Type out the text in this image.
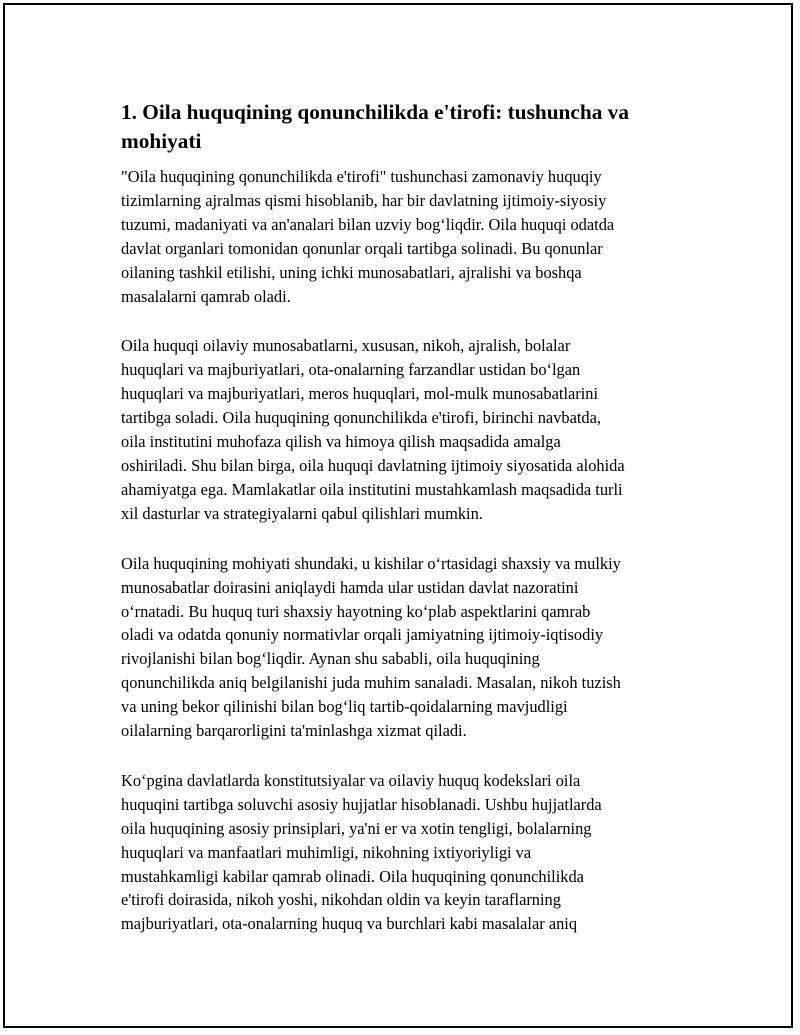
1. Oila huquqining qonunchilikda e'tirofi: tushuncha va
mohiyati

"Oila huquqining qonunchilikda e'tirofi" tushunchasi zamonaviy huquqiy
tizimlarning ajralmas qismi hisoblanib, har bir davlatning ijtimoiy-siyosiy
tuzumi, madaniyati va an'analari bilan uzviy bog‘liqdir. Oila huquqi odatda
davlat organlari tomonidan qonunlar orqali tartibga solinadi. Bu qonunlar
oilaning tashkil etilishi, uning ichki munosabatlari, ajralishi va boshqa
masalalarni qamrab oladi.

Oila huquqi oilaviy munosabatlarni, xususan, nikoh, ajralish, bolalar
huquqlari va majburiyatlari, ota-onalarning farzandlar ustidan bo‘lgan
huquqlari va majburiyatlari, meros huquqlari, mol-mulk munosabatlarini
tartibga soladi. Oila huquqining qonunchilikda e'tirofi, birinchi navbatda,
oila institutini muhofaza qilish va himoya qilish maqsadida amalga
oshiriladi. Shu bilan birga, oila huquqi davlatning ijtimoiy siyosatida alohida
ahamiyatga ega. Mamlakatlar oila institutini mustahkamlash maqsadida turli
xil dasturlar va strategiyalarni qabul qilishlari mumkin.

Oila huquqining mohiyati shundaki, u kishilar o‘rtasidagi shaxsiy va mulkiy
munosabatlar doirasini aniqlaydi hamda ular ustidan davlat nazoratini
o‘rnatadi. Bu huquq turi shaxsiy hayotning ko‘plab aspektlarini qamrab
oladi va odatda qonuniy normativlar orqali jamiyatning ijtimoiy-iqtisodiy
rivojlanishi bilan bog‘liqdir. Aynan shu sababli, oila huquqining
qonunchilikda aniq belgilanishi juda muhim sanaladi. Masalan, nikoh tuzish
va uning bekor qilinishi bilan bog‘liq tartib-qoidalarning mavjudligi
oilalarning barqarorligini ta'minlashga xizmat qiladi.

Ko‘pgina davlatlarda konstitutsiyalar va oilaviy huquq kodekslari oila
huquqini tartibga soluvchi asosiy hujjatlar hisoblanadi. Ushbu hujjatlarda
oila huquqining asosiy prinsiplari, ya'ni er va xotin tengligi, bolalarning
huquqlari va manfaatlari muhimligi, nikohning ixtiyoriyligi va
mustahkamligi kabilar qamrab olinadi. Oila huquqining qonunchilikda
e'tirofi doirasida, nikoh yoshi, nikohdan oldin va keyin taraflarning
majburiyatlari, ota-onalarning huquq va burchlari kabi masalalar aniq
